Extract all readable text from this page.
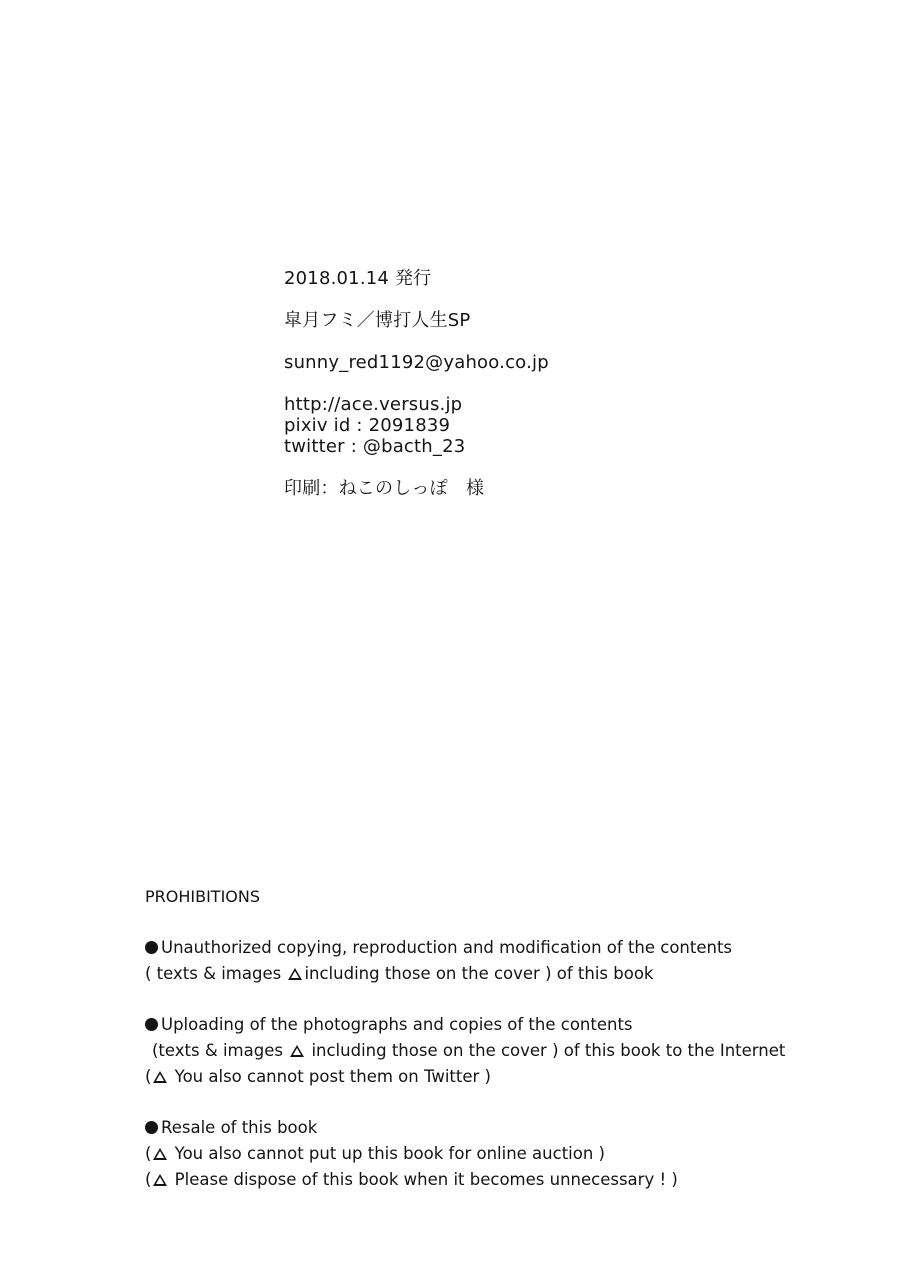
2018.01.14 発行
皐月フミ／博打人生SP
sunny_red1192@yahoo.co.jp
http://ace.versus.jp
pixiv id : 2091839
twitter : @bacth_23
印刷：ねこのしっぽ　様
PROHIBITIONS
Unauthorized copying, reproduction and modification of the contents
( texts & images including those on the cover ) of this book
Uploading of the photographs and copies of the contents
(texts & images  including those on the cover ) of this book to the Internet
( You also cannot post them on Twitter )
Resale of this book
( You also cannot put up this book for online auction )
( Please dispose of this book when it becomes unnecessary ! )
